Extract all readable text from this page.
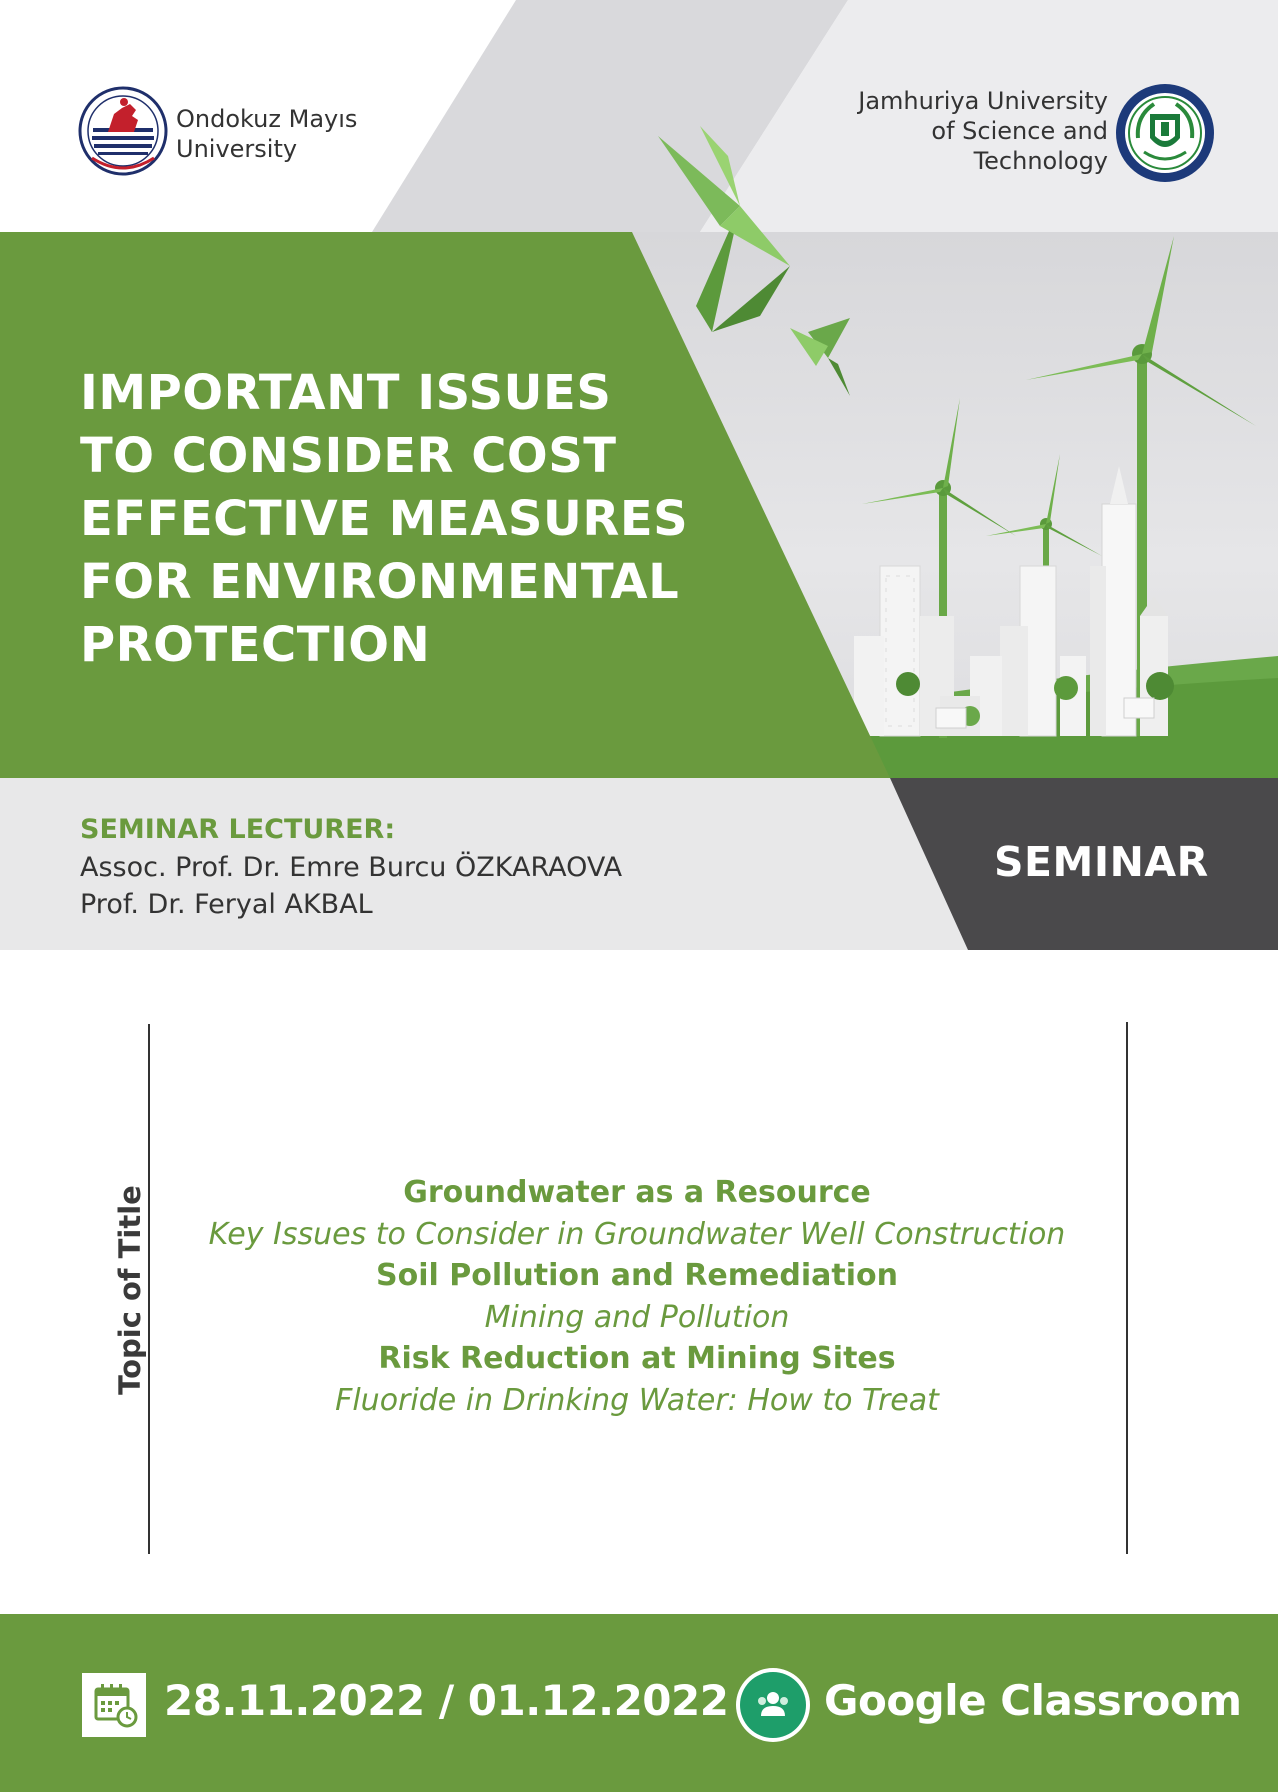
Ondokuz Mayıs
University
Jamhuriya University
of Science and
Technology
IMPORTANT ISSUES
TO CONSIDER COST
EFFECTIVE MEASURES
FOR ENVIRONMENTAL
PROTECTION
SEMINAR LECTURER:
Assoc. Prof. Dr. Emre Burcu ÖZKARAOVA
Prof. Dr. Feryal AKBAL
SEMINAR
Topic of Title	Groundwater as a Resource
Key Issues to Consider in Groundwater Well Construction
Soil Pollution and Remediation
Mining and Pollution
Risk Reduction at Mining Sites
Fluoride in Drinking Water: How to Treat
28.11.2022 / 01.12.2022 Google Classroom
